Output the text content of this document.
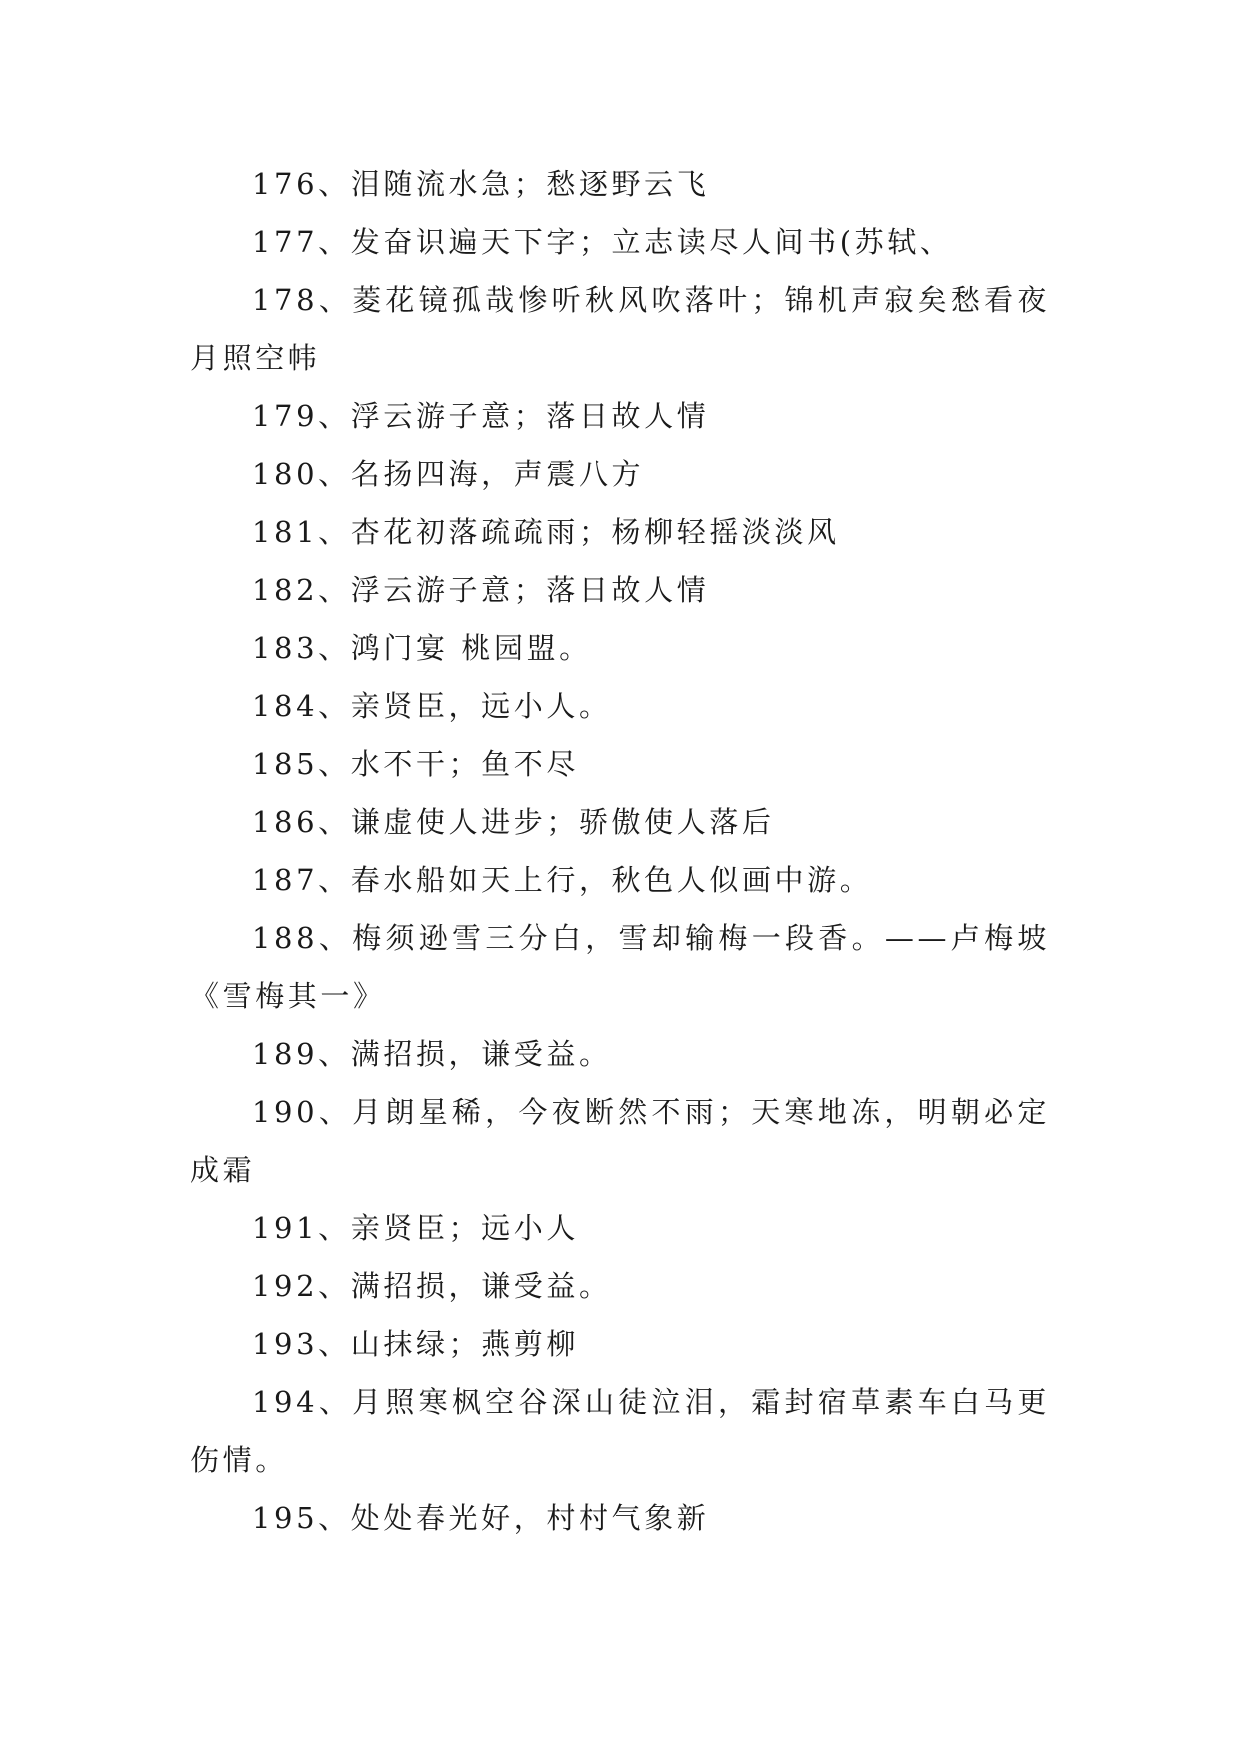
176、泪随流水急；愁逐野云飞

177、发奋识遍天下字；立志读尽人间书(苏轼、

178、菱花镜孤哉惨听秋风吹落叶；锦机声寂矣愁看夜月照空帏

179、浮云游子意；落日故人情

180、名扬四海，声震八方

181、杏花初落疏疏雨；杨柳轻摇淡淡风

182、浮云游子意；落日故人情

183、鸿门宴 桃园盟。

184、亲贤臣，远小人。

185、水不干；鱼不尽

186、谦虚使人进步；骄傲使人落后

187、春水船如天上行，秋色人似画中游。

188、梅须逊雪三分白，雪却输梅一段香。——卢梅坡《雪梅其一》

189、满招损，谦受益。

190、月朗星稀，今夜断然不雨；天寒地冻，明朝必定成霜

191、亲贤臣；远小人

192、满招损，谦受益。

193、山抹绿；燕剪柳

194、月照寒枫空谷深山徒泣泪，霜封宿草素车白马更伤情。

195、处处春光好，村村气象新
